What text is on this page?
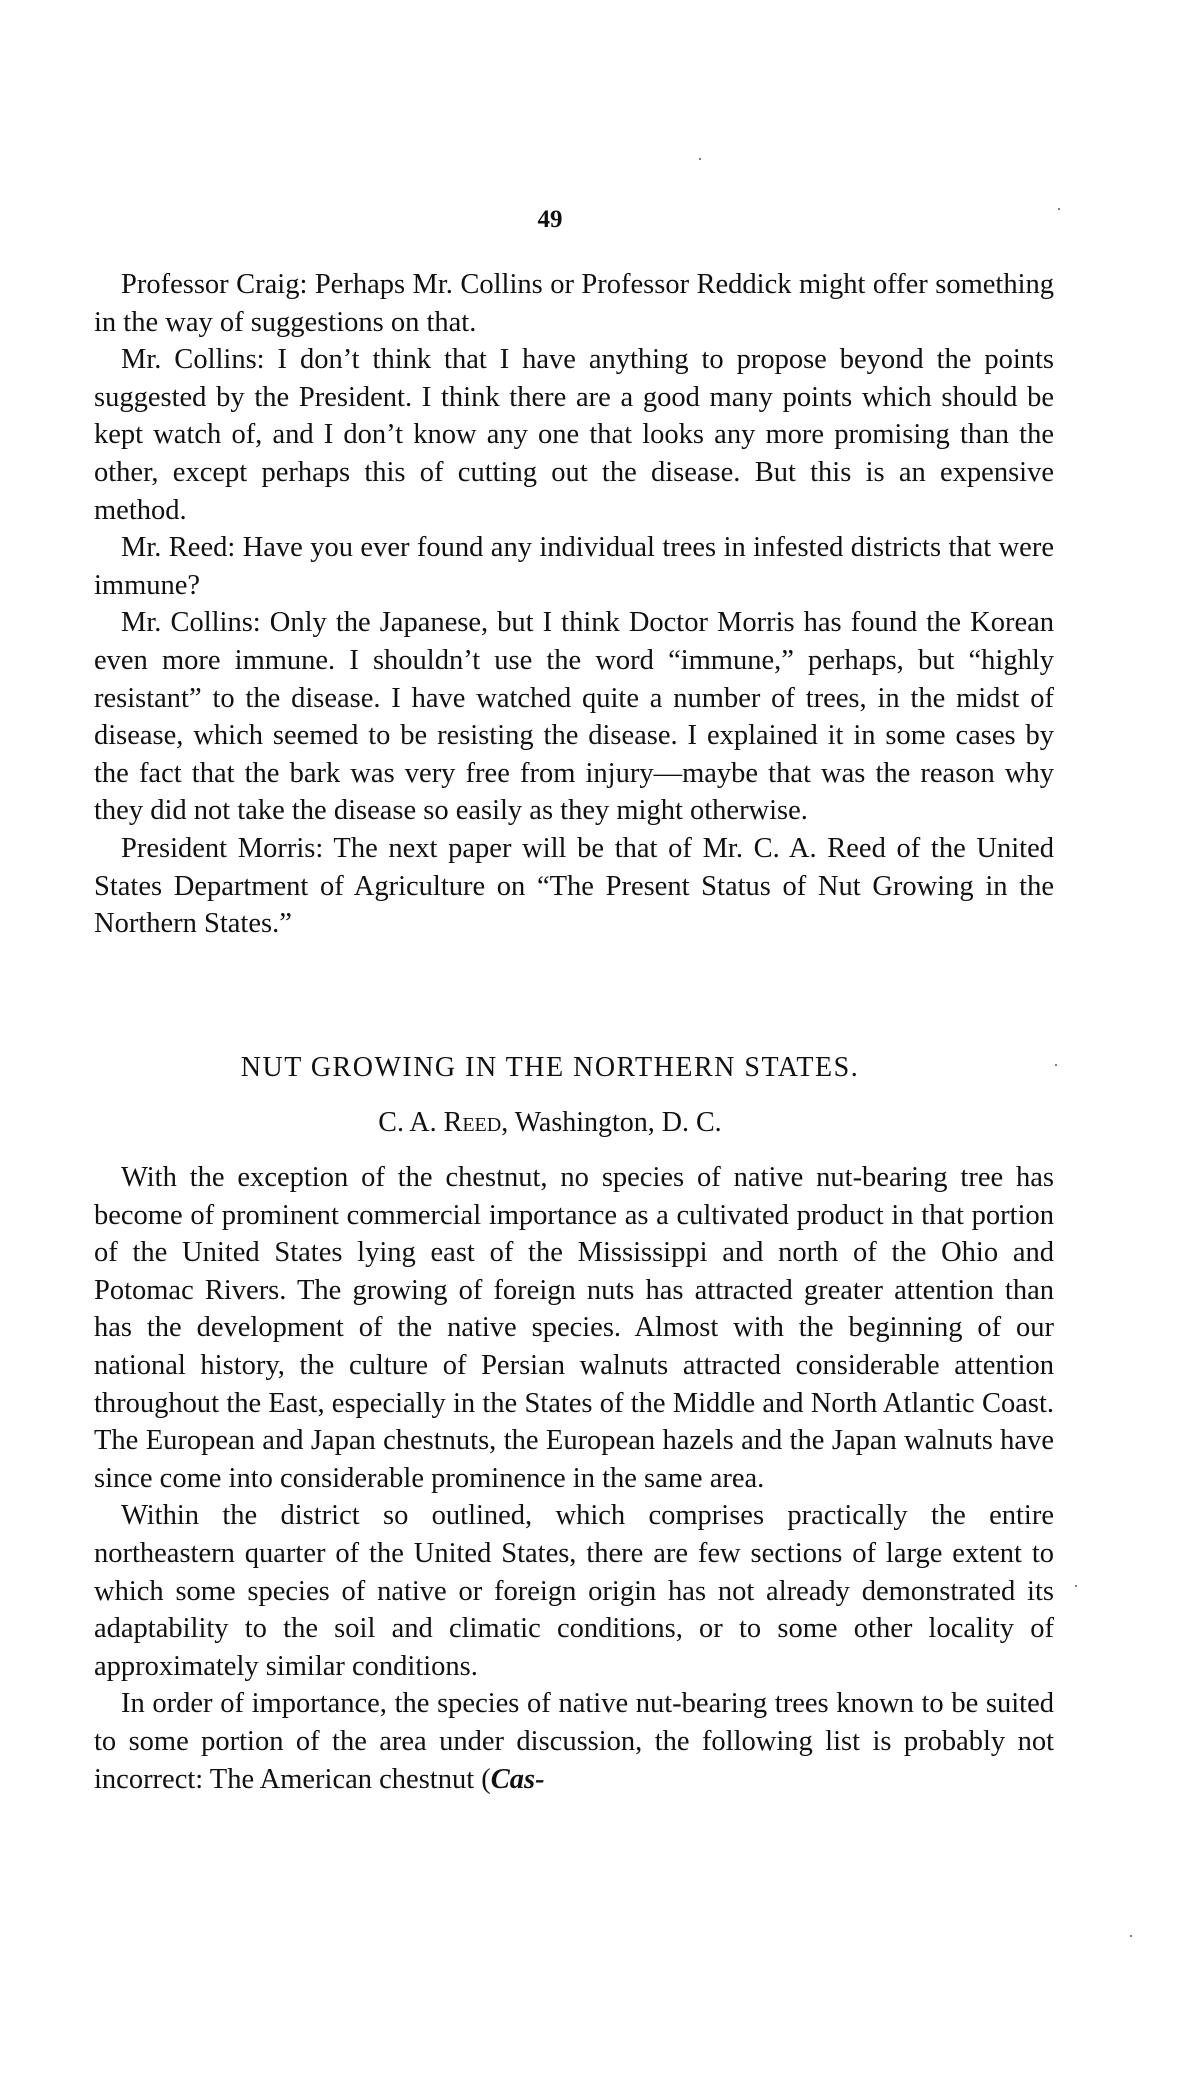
49

Professor Craig: Perhaps Mr. Collins or Professor Reddick might offer something in the way of suggestions on that.

Mr. Collins: I don’t think that I have anything to propose beyond the points suggested by the President. I think there are a good many points which should be kept watch of, and I don’t know any one that looks any more promising than the other, except perhaps this of cutting out the disease. But this is an expensive method.

Mr. Reed: Have you ever found any individual trees in infested districts that were immune?

Mr. Collins: Only the Japanese, but I think Doctor Morris has found the Korean even more immune. I shouldn’t use the word “immune,” perhaps, but “highly resistant” to the disease. I have watched quite a number of trees, in the midst of disease, which seemed to be resisting the disease. I explained it in some cases by the fact that the bark was very free from injury—maybe that was the reason why they did not take the disease so easily as they might otherwise.

President Morris: The next paper will be that of Mr. C. A. Reed of the United States Department of Agriculture on “The Present Status of Nut Growing in the Northern States.”

NUT GROWING IN THE NORTHERN STATES.
C. A. Reed, Washington, D. C.

With the exception of the chestnut, no species of native nut-bearing tree has become of prominent commercial importance as a cultivated product in that portion of the United States lying east of the Mississippi and north of the Ohio and Potomac Rivers. The growing of foreign nuts has attracted greater attention than has the development of the native species. Almost with the beginning of our national history, the culture of Persian walnuts attracted considerable attention throughout the East, especially in the States of the Middle and North Atlantic Coast. The European and Japan chestnuts, the European hazels and the Japan walnuts have since come into considerable prominence in the same area.

Within the district so outlined, which comprises practically the entire northeastern quarter of the United States, there are few sections of large extent to which some species of native or foreign origin has not already demonstrated its adaptability to the soil and climatic conditions, or to some other locality of approximately similar conditions.

In order of importance, the species of native nut-bearing trees known to be suited to some portion of the area under discussion, the following list is probably not incorrect: The American chestnut (Cas-
